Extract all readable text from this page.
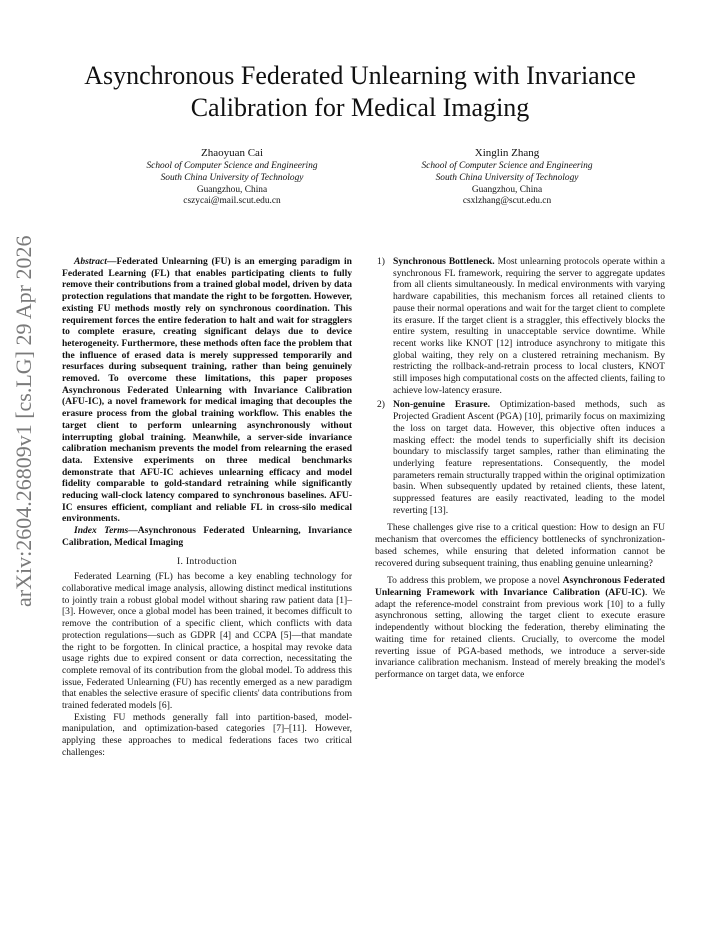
Asynchronous Federated Unlearning with Invariance Calibration for Medical Imaging
Zhaoyuan Cai
School of Computer Science and Engineering
South China University of Technology
Guangzhou, China
cszycai@mail.scut.edu.cn
Xinglin Zhang
School of Computer Science and Engineering
South China University of Technology
Guangzhou, China
csxlzhang@scut.edu.cn
arXiv:2604.26809v1 [cs.LG] 29 Apr 2026	Abstract—Federated Unlearning (FU) is an emerging paradigm in Federated Learning (FL) that enables participating clients to fully remove their contributions from a trained global model, driven by data protection regulations that mandate the right to be forgotten. However, existing FU methods mostly rely on synchronous coordination. This requirement forces the entire federation to halt and wait for stragglers to complete erasure, creating significant delays due to device heterogeneity. Furthermore, these methods often face the problem that the influence of erased data is merely suppressed temporarily and resurfaces during subsequent training, rather than being genuinely removed. To overcome these limitations, this paper proposes Asynchronous Federated Unlearning with Invariance Calibration (AFU-IC), a novel framework for medical imaging that decouples the erasure process from the global training workflow. This enables the target client to perform unlearning asynchronously without interrupting global training. Meanwhile, a server-side invariance calibration mechanism prevents the model from relearning the erased data. Extensive experiments on three medical benchmarks demonstrate that AFU-IC achieves unlearning efficacy and model fidelity comparable to gold-standard retraining while significantly reducing wall-clock latency compared to synchronous baselines. AFU-IC ensures efficient, compliant and reliable FL in cross-silo medical environments.

Index Terms—Asynchronous Federated Unlearning, Invariance Calibration, Medical Imaging

I. Introduction

Federated Learning (FL) has become a key enabling technology for collaborative medical image analysis, allowing distinct medical institutions to jointly train a robust global model without sharing raw patient data [1]–[3]. However, once a global model has been trained, it becomes difficult to remove the contribution of a specific client, which conflicts with data protection regulations—such as GDPR [4] and CCPA [5]—that mandate the right to be forgotten. In clinical practice, a hospital may revoke data usage rights due to expired consent or data correction, necessitating the complete removal of its contribution from the global model. To address this issue, Federated Unlearning (FU) has recently emerged as a new paradigm that enables the selective erasure of specific clients' data contributions from trained federated models [6].

Existing FU methods generally fall into partition-based, model-manipulation, and optimization-based categories [7]–[11]. However, applying these approaches to medical federations faces two critical challenges:

1) Synchronous Bottleneck. Most unlearning protocols operate within a synchronous FL framework, requiring the server to aggregate updates from all clients simultaneously. In medical environments with varying hardware capabilities, this mechanism forces all retained clients to pause their normal operations and wait for the target client to complete its erasure. If the target client is a straggler, this effectively blocks the entire system, resulting in unacceptable service downtime. While recent works like KNOT [12] introduce asynchrony to mitigate this global waiting, they rely on a clustered retraining mechanism. By restricting the rollback-and-retrain process to local clusters, KNOT still imposes high computational costs on the affected clients, failing to achieve low-latency erasure.

2) Non-genuine Erasure. Optimization-based methods, such as Projected Gradient Ascent (PGA) [10], primarily focus on maximizing the loss on target data. However, this objective often induces a masking effect: the model tends to superficially shift its decision boundary to misclassify target samples, rather than eliminating the underlying feature representations. Consequently, the model parameters remain structurally trapped within the original optimization basin. When subsequently updated by retained clients, these latent, suppressed features are easily reactivated, leading to the model reverting [13].

These challenges give rise to a critical question: How to design an FU mechanism that overcomes the efficiency bottlenecks of synchronization-based schemes, while ensuring that deleted information cannot be recovered during subsequent training, thus enabling genuine unlearning?

To address this problem, we propose a novel Asynchronous Federated Unlearning Framework with Invariance Calibration (AFU-IC). We adapt the reference-model constraint from previous work [10] to a fully asynchronous setting, allowing the target client to execute erasure independently without blocking the federation, thereby eliminating the waiting time for retained clients. Crucially, to overcome the model reverting issue of PGA-based methods, we introduce a server-side invariance calibration mechanism. Instead of merely breaking the model's performance on target data, we enforce
